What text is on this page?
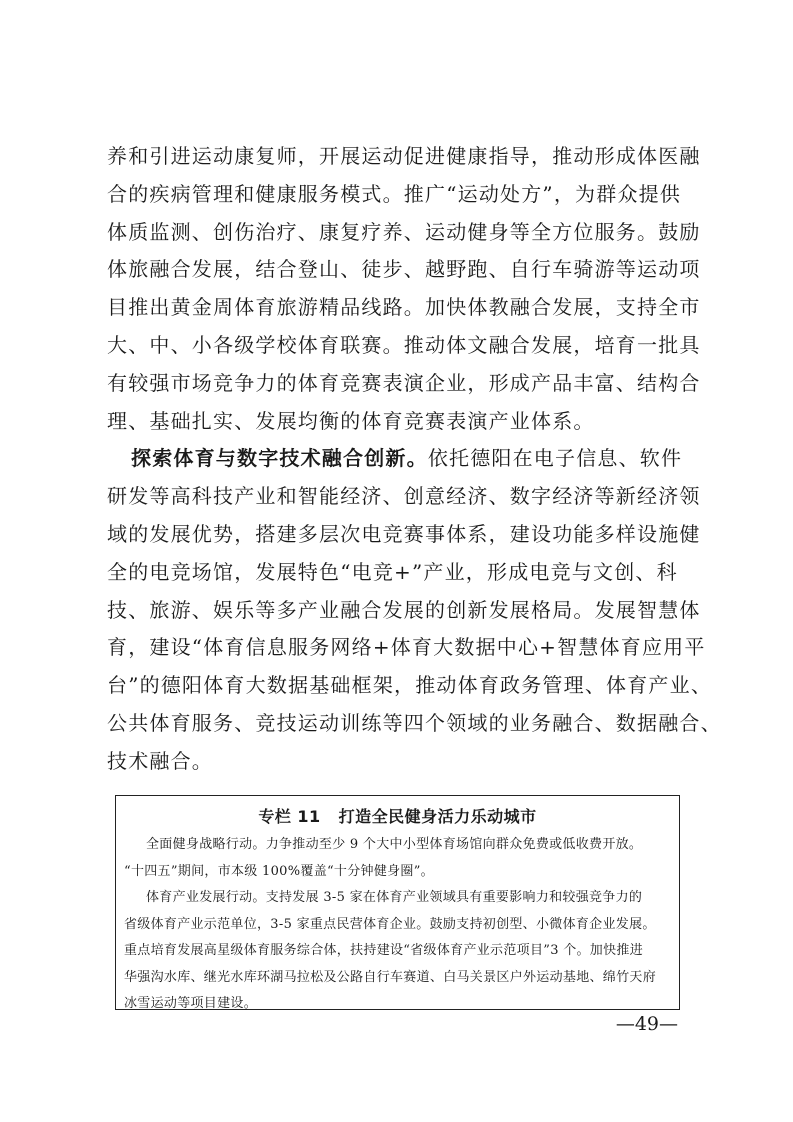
养和引进运动康复师，开展运动促进健康指导，推动形成体医融
合的疾病管理和健康服务模式。推广“运动处方”，为群众提供
体质监测、创伤治疗、康复疗养、运动健身等全方位服务。鼓励
体旅融合发展，结合登山、徒步、越野跑、自行车骑游等运动项
目推出黄金周体育旅游精品线路。加快体教融合发展，支持全市
大、中、小各级学校体育联赛。推动体文融合发展，培育一批具
有较强市场竞争力的体育竞赛表演企业，形成产品丰富、结构合
理、基础扎实、发展均衡的体育竞赛表演产业体系。
探索体育与数字技术融合创新。依托德阳在电子信息、软件
研发等高科技产业和智能经济、创意经济、数字经济等新经济领
域的发展优势，搭建多层次电竞赛事体系，建设功能多样设施健
全的电竞场馆，发展特色“电竞+”产业，形成电竞与文创、科
技、旅游、娱乐等多产业融合发展的创新发展格局。发展智慧体
育，建设“体育信息服务网络+体育大数据中心+智慧体育应用平
台”的德阳体育大数据基础框架，推动体育政务管理、体育产业、
公共体育服务、竞技运动训练等四个领域的业务融合、数据融合、
技术融合。
专栏 11 打造全民健身活力乐动城市
全面健身战略行动。力争推动至少 9 个大中小型体育场馆向群众免费或低收费开放。
“十四五”期间，市本级 100%覆盖“十分钟健身圈”。
体育产业发展行动。支持发展 3-5 家在体育产业领域具有重要影响力和较强竞争力的
省级体育产业示范单位，3-5 家重点民营体育企业。鼓励支持初创型、小微体育企业发展。
重点培育发展高星级体育服务综合体，扶持建设“省级体育产业示范项目”3 个。加快推进
华强沟水库、继光水库环湖马拉松及公路自行车赛道、白马关景区户外运动基地、绵竹天府
冰雪运动等项目建设。
—49—
